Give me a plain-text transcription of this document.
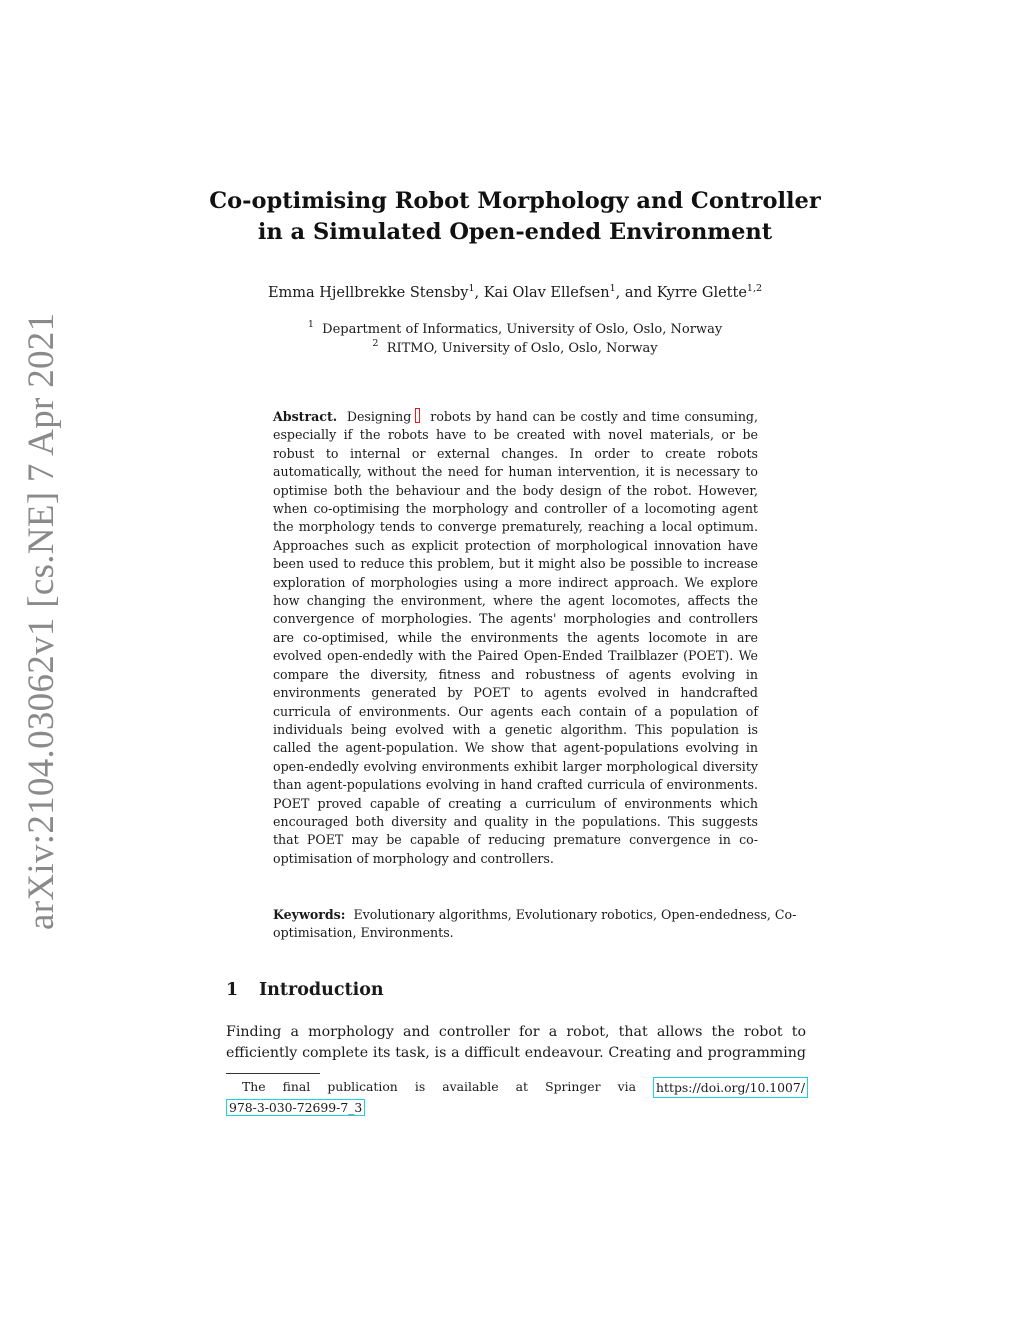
arXiv:2104.03062v1 [cs.NE] 7 Apr 2021
Co-optimising Robot Morphology and Controller
in a Simulated Open-ended Environment
Emma Hjellbrekke Stensby$^1$, Kai Olav Ellefsen$^1$, and Kyrre Glette$^{1,2}$
$^1$ Department of Informatics, University of Oslo, Oslo, Norway
$^2$ RITMO, University of Oslo, Oslo, Norway
Abstract. Designing robots by hand can be costly and time consuming, especially if the robots have to be created with novel materials, or be robust to internal or external changes. In order to create robots automatically, without the need for human intervention, it is necessary to optimise both the behaviour and the body design of the robot. However, when co-optimising the morphology and controller of a locomoting agent the morphology tends to converge prematurely, reaching a local optimum. Approaches such as explicit protection of morphological innovation have been used to reduce this problem, but it might also be possible to increase exploration of morphologies using a more indirect approach. We explore how changing the environment, where the agent locomotes, affects the convergence of morphologies. The agents' morphologies and controllers are co-optimised, while the environments the agents locomote in are evolved open-endedly with the Paired Open-Ended Trailblazer (POET). We compare the diversity, fitness and robustness of agents evolving in environments generated by POET to agents evolved in handcrafted curricula of environments. Our agents each contain of a population of individuals being evolved with a genetic algorithm. This population is called the agent-population. We show that agent-populations evolving in open-endedly evolving environments exhibit larger morphological diversity than agent-populations evolving in hand crafted curricula of environments. POET proved capable of creating a curriculum of environments which encouraged both diversity and quality in the populations. This suggests that POET may be capable of reducing premature convergence in co-optimisation of morphology and controllers.
Keywords: Evolutionary algorithms, Evolutionary robotics, Open-endedness, Co-optimisation, Environments.
1 Introduction
Finding a morphology and controller for a robot, that allows the robot to efficiently complete its task, is a difficult endeavour. Creating and programming
The final publication is available at Springer via https://doi.org/10.1007/
978-3-030-72699-7_3
